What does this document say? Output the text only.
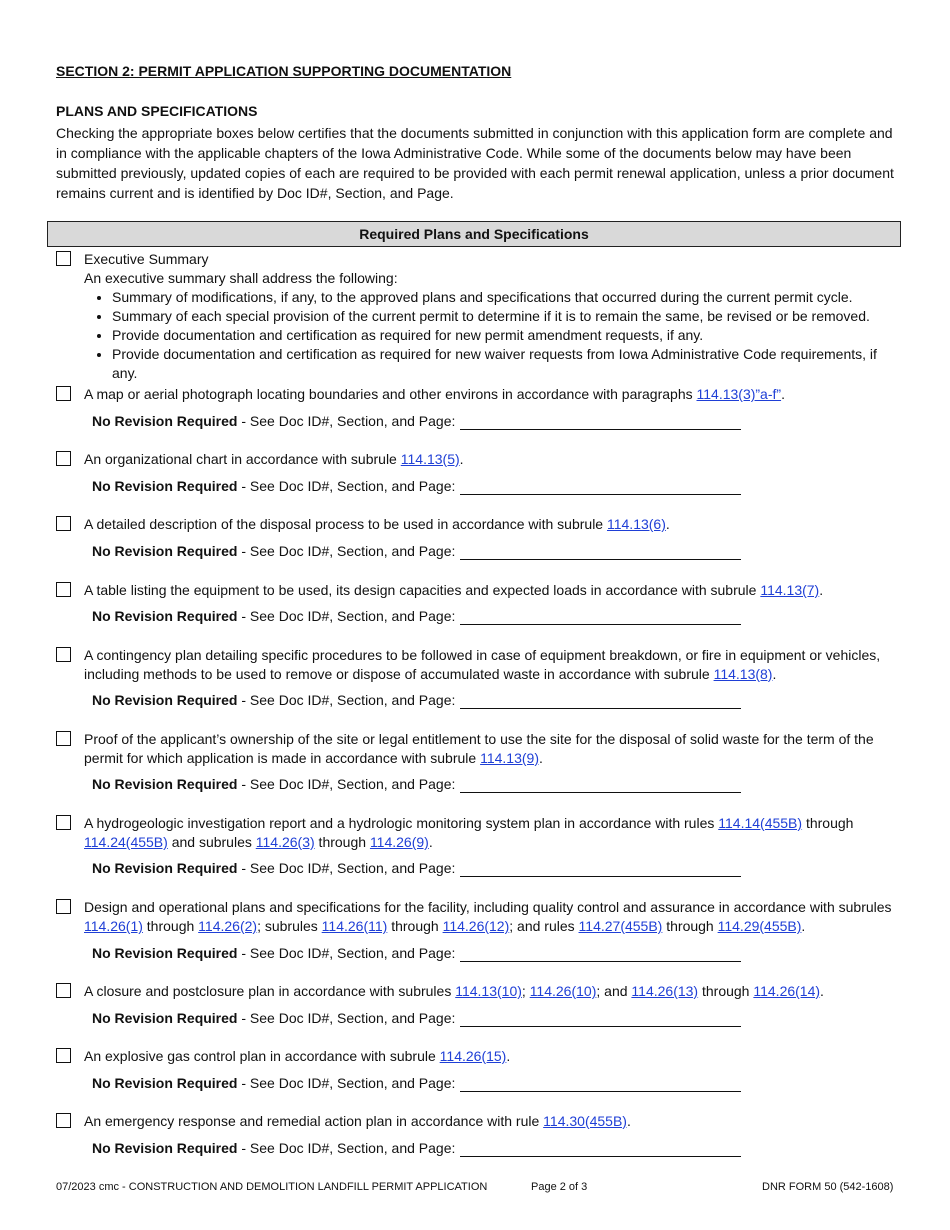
SECTION 2: PERMIT APPLICATION SUPPORTING DOCUMENTATION
PLANS AND SPECIFICATIONS
Checking the appropriate boxes below certifies that the documents submitted in conjunction with this application form are complete and in compliance with the applicable chapters of the Iowa Administrative Code. While some of the documents below may have been submitted previously, updated copies of each are required to be provided with each permit renewal application, unless a prior document remains current and is identified by Doc ID#, Section, and Page.
Required Plans and Specifications
Executive Summary
An executive summary shall address the following:
• Summary of modifications, if any, to the approved plans and specifications that occurred during the current permit cycle.
• Summary of each special provision of the current permit to determine if it is to remain the same, be revised or be removed.
• Provide documentation and certification as required for new permit amendment requests, if any.
• Provide documentation and certification as required for new waiver requests from Iowa Administrative Code requirements, if any.
A map or aerial photograph locating boundaries and other environs in accordance with paragraphs 114.13(3)”a-f”.
No Revision Required - See Doc ID#, Section, and Page:
An organizational chart in accordance with subrule 114.13(5).
No Revision Required - See Doc ID#, Section, and Page:
A detailed description of the disposal process to be used in accordance with subrule 114.13(6).
No Revision Required - See Doc ID#, Section, and Page:
A table listing the equipment to be used, its design capacities and expected loads in accordance with subrule 114.13(7).
No Revision Required - See Doc ID#, Section, and Page:
A contingency plan detailing specific procedures to be followed in case of equipment breakdown, or fire in equipment or vehicles, including methods to be used to remove or dispose of accumulated waste in accordance with subrule 114.13(8).
No Revision Required - See Doc ID#, Section, and Page:
Proof of the applicant’s ownership of the site or legal entitlement to use the site for the disposal of solid waste for the term of the permit for which application is made in accordance with subrule 114.13(9).
No Revision Required - See Doc ID#, Section, and Page:
A hydrogeologic investigation report and a hydrologic monitoring system plan in accordance with rules 114.14(455B) through 114.24(455B) and subrules 114.26(3) through 114.26(9).
No Revision Required - See Doc ID#, Section, and Page:
Design and operational plans and specifications for the facility, including quality control and assurance in accordance with subrules 114.26(1) through 114.26(2); subrules 114.26(11) through 114.26(12); and rules 114.27(455B) through 114.29(455B).
No Revision Required - See Doc ID#, Section, and Page:
A closure and postclosure plan in accordance with subrules 114.13(10); 114.26(10); and 114.26(13) through 114.26(14).
No Revision Required - See Doc ID#, Section, and Page:
An explosive gas control plan in accordance with subrule 114.26(15).
No Revision Required - See Doc ID#, Section, and Page:
An emergency response and remedial action plan in accordance with rule 114.30(455B).
No Revision Required - See Doc ID#, Section, and Page:
07/2023 cmc - CONSTRUCTION AND DEMOLITION LANDFILL PERMIT APPLICATION	Page 2 of 3	DNR FORM 50 (542-1608)
